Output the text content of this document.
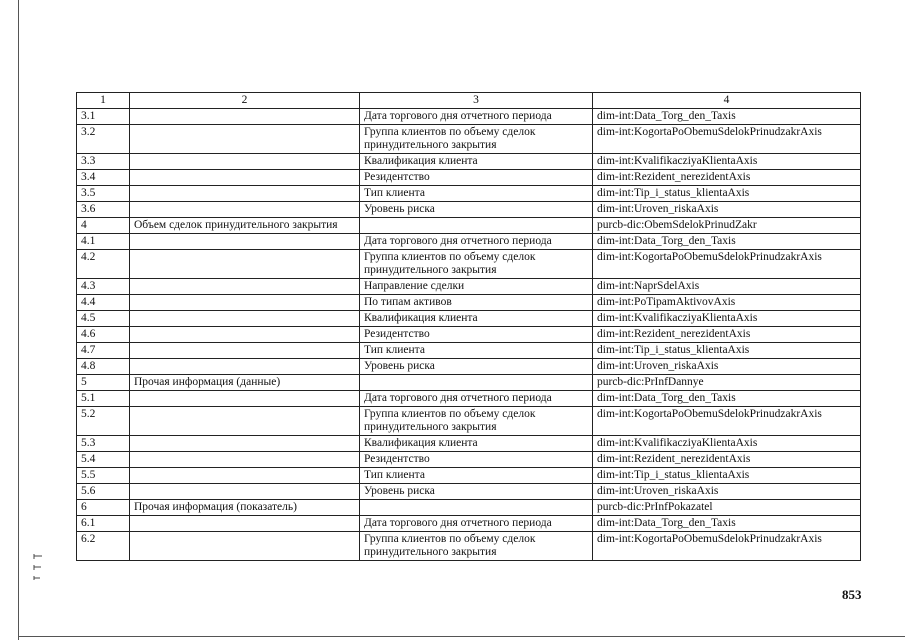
1	2	3	4
3.1		Дата торгового дня отчетного периода	dim-int:Data_Torg_den_Taxis
3.2		Группа клиентов по объему сделок принудительного закрытия	dim-int:KogortaPoObemuSdelokPrinudzakrAxis
3.3		Квалификация клиента	dim-int:KvalifikacziyaKlientaAxis
3.4		Резидентство	dim-int:Rezident_nerezidentAxis
3.5		Тип клиента	dim-int:Tip_i_status_klientaAxis
3.6		Уровень риска	dim-int:Uroven_riskaAxis
4	Объем сделок принудительного закрытия		purcb-dic:ObemSdelokPrinudZakr
4.1		Дата торгового дня отчетного периода	dim-int:Data_Torg_den_Taxis
4.2		Группа клиентов по объему сделок принудительного закрытия	dim-int:KogortaPoObemuSdelokPrinudzakrAxis
4.3		Направление сделки	dim-int:NaprSdelAxis
4.4		По типам активов	dim-int:PoTipamAktivovAxis
4.5		Квалификация клиента	dim-int:KvalifikacziyaKlientaAxis
4.6		Резидентство	dim-int:Rezident_nerezidentAxis
4.7		Тип клиента	dim-int:Tip_i_status_klientaAxis
4.8		Уровень риска	dim-int:Uroven_riskaAxis
5	Прочая информация (данные)		purcb-dic:PrInfDannye
5.1		Дата торгового дня отчетного периода	dim-int:Data_Torg_den_Taxis
5.2		Группа клиентов по объему сделок принудительного закрытия	dim-int:KogortaPoObemuSdelokPrinudzakrAxis
5.3		Квалификация клиента	dim-int:KvalifikacziyaKlientaAxis
5.4		Резидентство	dim-int:Rezident_nerezidentAxis
5.5		Тип клиента	dim-int:Tip_i_status_klientaAxis
5.6		Уровень риска	dim-int:Uroven_riskaAxis
6	Прочая информация (показатель)		purcb-dic:PrInfPokazatel
6.1		Дата торгового дня отчетного периода	dim-int:Data_Torg_den_Taxis
6.2		Группа клиентов по объему сделок принудительного закрытия	dim-int:KogortaPoObemuSdelokPrinudzakrAxis
853
